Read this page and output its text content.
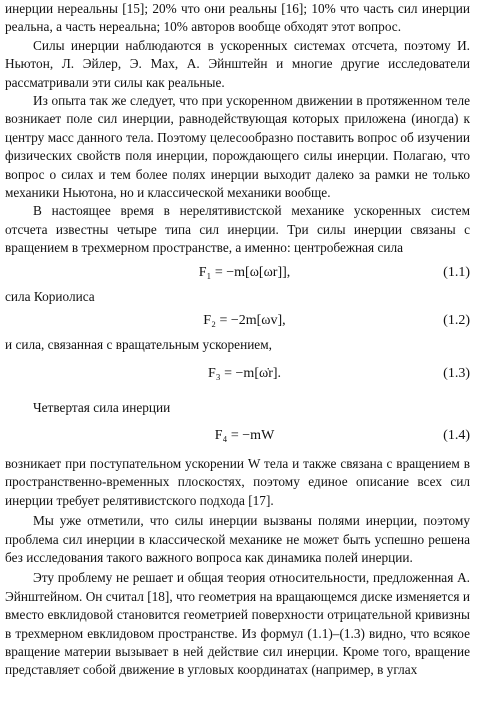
инерции нереальны [15]; 20% что они реальны [16]; 10% что часть сил инерции реальна, а часть нереальна; 10% авторов вообще обходят этот вопрос.

Силы инерции наблюдаются в ускоренных системах отсчета, поэтому И. Ньютон, Л. Эйлер, Э. Мах, А. Эйнштейн и многие другие исследователи рассматривали эти силы как реальные.

Из опыта так же следует, что при ускоренном движении в протяженном теле возникает поле сил инерции, равнодействующая которых приложена (иногда) к центру масс данного тела. Поэтому целесообразно поставить вопрос об изучении физических свойств поля инерции, порождающего силы инерции. Полагаю, что вопрос о силах и тем более полях инерции выходит далеко за рамки не только механики Ньютона, но и классической механики вообще.

В настоящее время в нерелятивистской механике ускоренных систем отсчета известны четыре типа сил инерции. Три силы инерции связаны с вращением в трехмерном пространстве, а именно: центробежная сила

F₁ = −m[ω[ωr]],	(1.1)

сила Кориолиса

F₂ = −2m[ωv],	(1.2)

и сила, связанная с вращательным ускорением,

F₃ = −m[ω̇r].	(1.3)

Четвертая сила инерции

F₄ = −mW	(1.4)

возникает при поступательном ускорении W тела и также связана с вращением в пространственно-временных плоскостях, поэтому единое описание всех сил инерции требует релятивистского подхода [17].

Мы уже отметили, что силы инерции вызваны полями инерции, поэтому проблема сил инерции в классической механике не может быть успешно решена без исследования такого важного вопроса как динамика полей инерции.

Эту проблему не решает и общая теория относительности, предложенная А. Эйнштейном. Он считал [18], что геометрия на вращающемся диске изменяется и вместо евклидовой становится геометрией поверхности отрицательной кривизны в трехмерном евклидовом пространстве. Из формул (1.1)–(1.3) видно, что всякое вращение материи вызывает в ней действие сил инерции. Кроме того, вращение представляет собой движение в угловых координатах (например, в углах
